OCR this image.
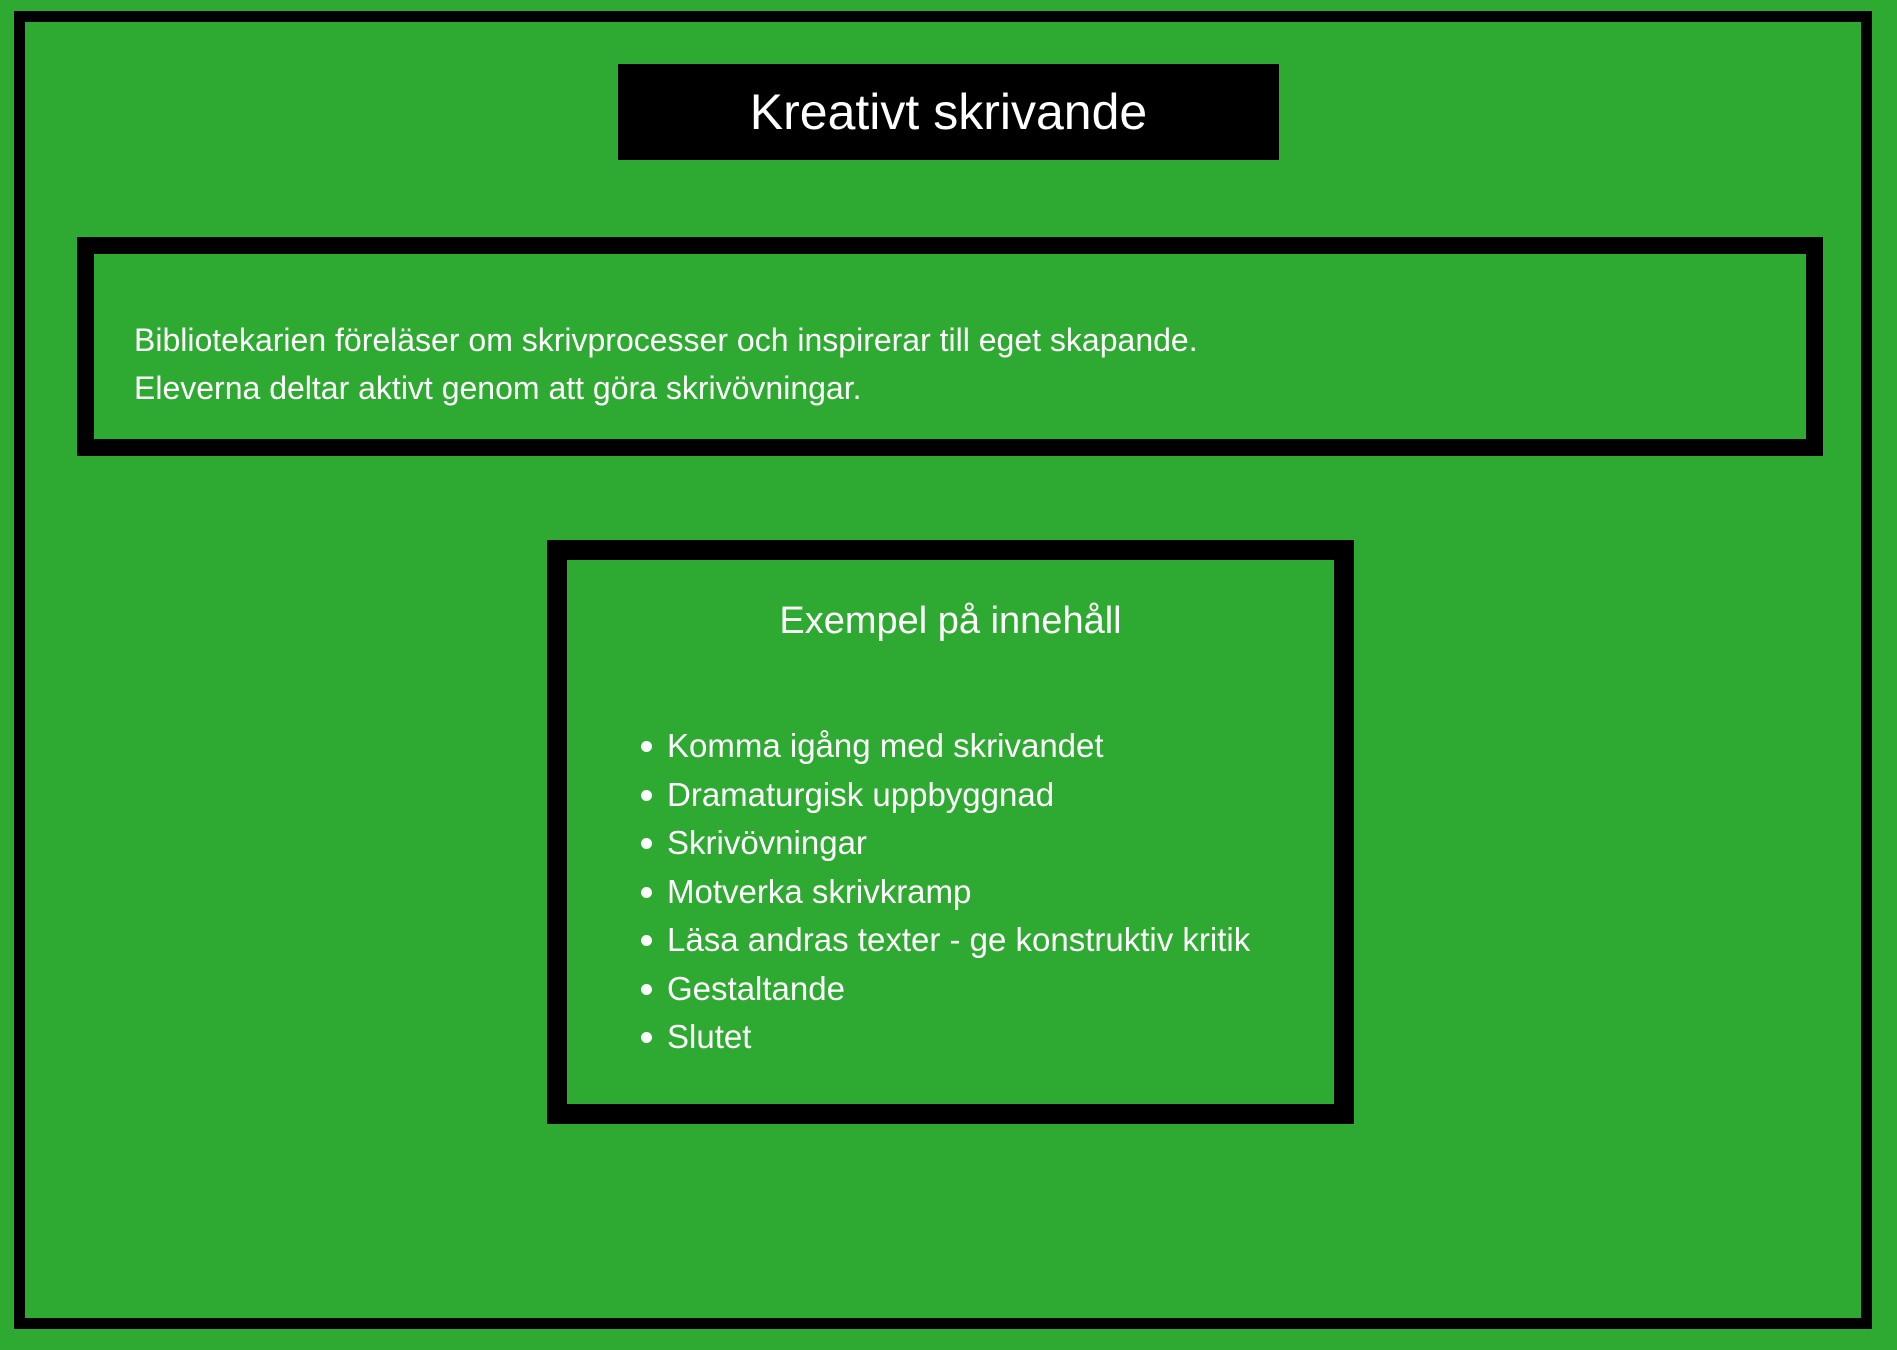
Kreativt skrivande
Bibliotekarien föreläser om skrivprocesser och inspirerar till eget skapande.
Eleverna deltar aktivt genom att göra skrivövningar.
Exempel på innehåll
Komma igång med skrivandet
Dramaturgisk uppbyggnad
Skrivövningar
Motverka skrivkramp
Läsa andras texter - ge konstruktiv kritik
Gestaltande
Slutet
